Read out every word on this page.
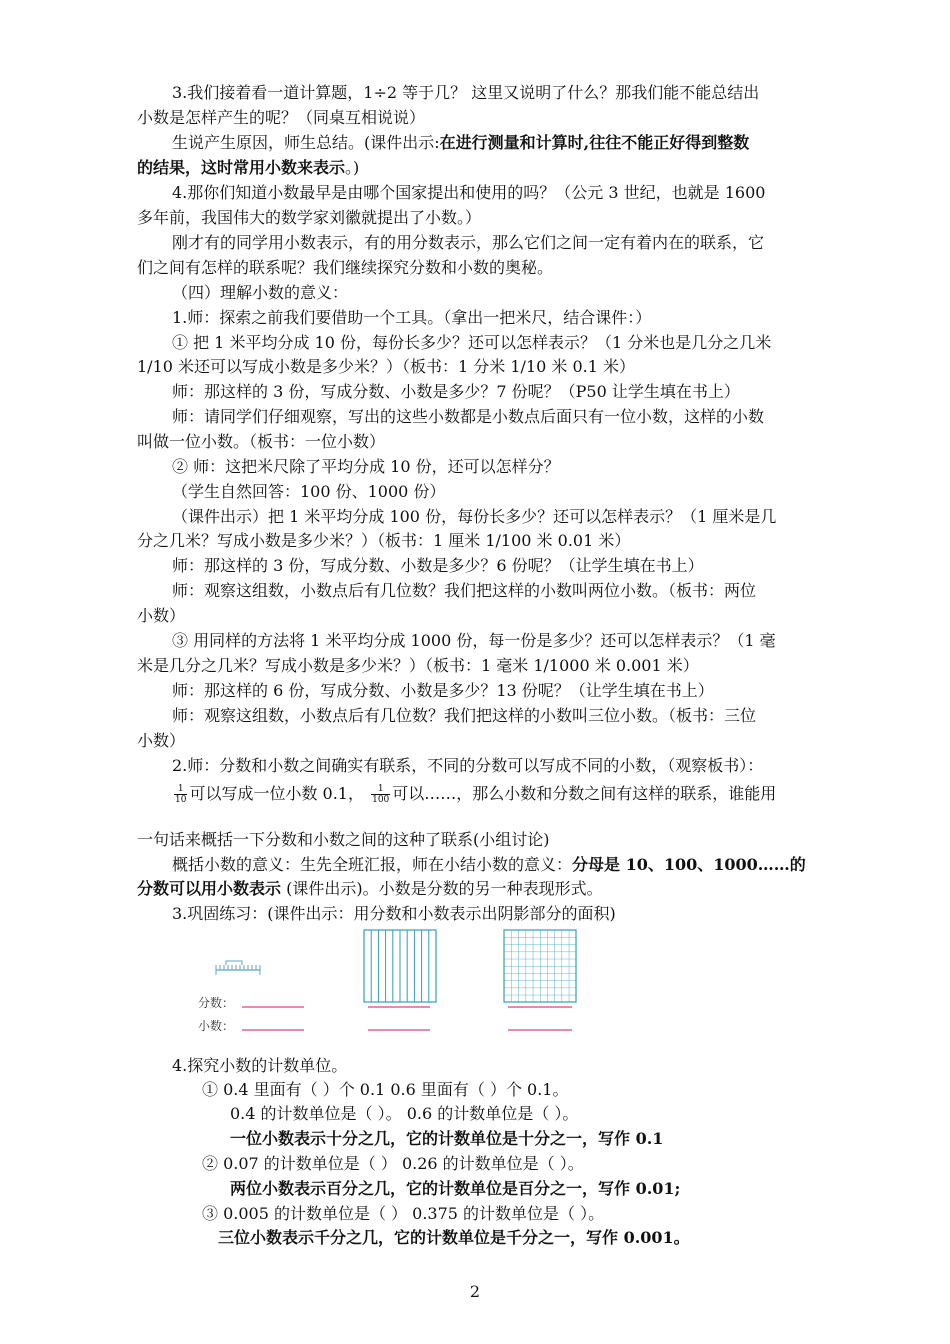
3.我们接着看一道计算题，1÷2 等于几？ 这里又说明了什么？那我们能不能总结出
小数是怎样产生的呢？（同桌互相说说）
生说产生原因，师生总结。(课件出示:在进行测量和计算时,往往不能正好得到整数
的结果，这时常用小数来表示。)
4.那你们知道小数最早是由哪个国家提出和使用的吗？（公元 3 世纪，也就是 1600
多年前，我国伟大的数学家刘徽就提出了小数。）
刚才有的同学用小数表示，有的用分数表示，那么它们之间一定有着内在的联系，它
们之间有怎样的联系呢？我们继续探究分数和小数的奥秘。
（四）理解小数的意义：
1.师：探索之前我们要借助一个工具。（拿出一把米尺，结合课件：）
① 把 1 米平均分成 10 份，每份长多少？还可以怎样表示？（1 分米也是几分之几米
1/10 米还可以写成小数是多少米？）（板书：1 分米 1/10 米 0.1 米）
师：那这样的 3 份，写成分数、小数是多少？7 份呢？（P50 让学生填在书上）
师：请同学们仔细观察，写出的这些小数都是小数点后面只有一位小数，这样的小数
叫做一位小数。（板书：一位小数）
② 师：这把米尺除了平均分成 10 份，还可以怎样分？
（学生自然回答：100 份、1000 份）
（课件出示）把 1 米平均分成 100 份，每份长多少？还可以怎样表示？（1 厘米是几
分之几米？写成小数是多少米？）（板书：1 厘米 1/100 米 0.01 米）
师：那这样的 3 份，写成分数、小数是多少？6 份呢？（让学生填在书上）
师：观察这组数，小数点后有几位数？我们把这样的小数叫两位小数。（板书：两位
小数）
③ 用同样的方法将 1 米平均分成 1000 份，每一份是多少？还可以怎样表示？（1 毫
米是几分之几米？写成小数是多少米？）（板书：1 毫米 1/1000 米 0.001 米）
师：那这样的 6 份，写成分数、小数是多少？13 份呢？（让学生填在书上）
师：观察这组数，小数点后有几位数？我们把这样的小数叫三位小数。（板书：三位
小数）
2.师：分数和小数之间确实有联系，不同的分数可以写成不同的小数，（观察板书）：
$\frac{1}{10}$ 可以写成一位小数 0.1， $\frac{1}{100}$ 可以……，那么小数和分数之间有这样的联系，谁能用
一句话来概括一下分数和小数之间的这种了联系(小组讨论)
概括小数的意义：生先全班汇报，师在小结小数的意义：分母是 10、100、1000……的
分数可以用小数表示 (课件出示)。小数是分数的另一种表现形式。
3.巩固练习：(课件出示：用分数和小数表示出阴影部分的面积)
分数：
小数：
4.探究小数的计数单位。
① 0.4 里面有（ ）个 0.1 0.6 里面有（ ）个 0.1。
0.4 的计数单位是（ ）。 0.6 的计数单位是（ ）。
一位小数表示十分之几，它的计数单位是十分之一，写作 0.1
② 0.07 的计数单位是（ ） 0.26 的计数单位是（ ）。
两位小数表示百分之几，它的计数单位是百分之一，写作 0.01;
③ 0.005 的计数单位是（ ） 0.375 的计数单位是（ ）。
三位小数表示千分之几，它的计数单位是千分之一，写作 0.001。
2
